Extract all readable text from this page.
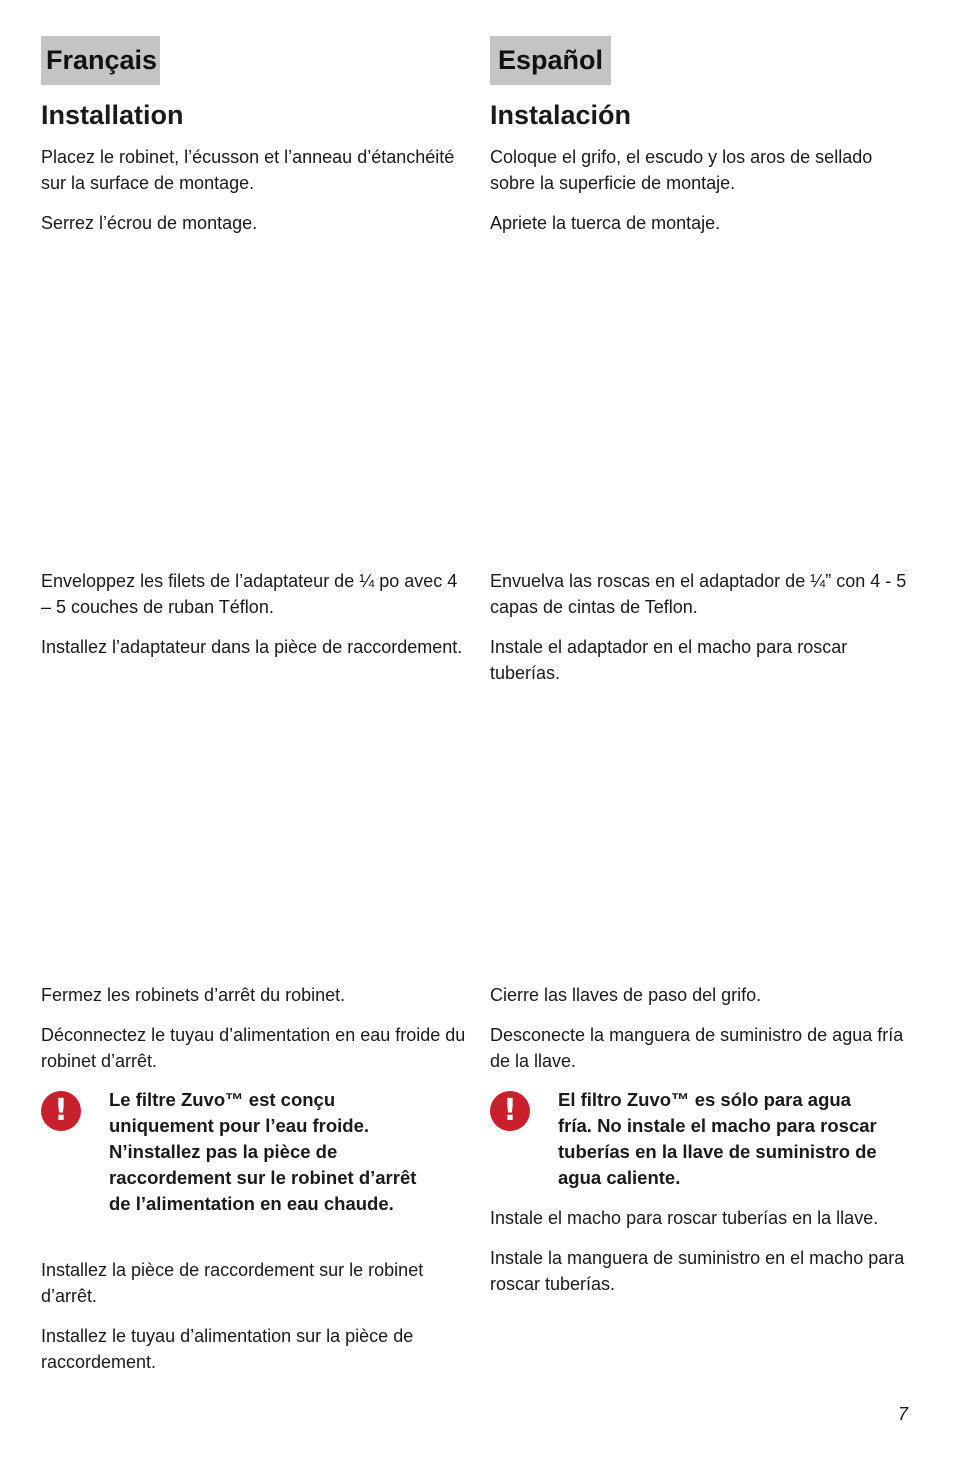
Français
Installation

Placez le robinet, l’écusson et l’anneau d’étanchéité sur la surface de montage.

Serrez l’écrou de montage.

Enveloppez les filets de l’adaptateur de ¼ po avec 4 – 5 couches de ruban Téflon.

Installez l’adaptateur dans la pièce de raccordement.

Fermez les robinets d’arrêt du robinet.

Déconnectez le tuyau d’alimentation en eau froide du robinet d’arrêt.

!	Le filtre Zuvo™ est conçu uniquement pour l’eau froide. N’installez pas la pièce de raccordement sur le robinet d’arrêt de l’alimentation en eau chaude.

Installez la pièce de raccordement sur le robinet d’arrêt.

Installez le tuyau d’alimentation sur la pièce de raccordement.

Español
Instalación

Coloque el grifo, el escudo y los aros de sellado sobre la superficie de montaje.

Apriete la tuerca de montaje.

Envuelva las roscas en el adaptador de ¼” con 4 - 5 capas de cintas de Teflon.

Instale el adaptador en el macho para roscar tuberías.

Cierre las llaves de paso del grifo.

Desconecte la manguera de suministro de agua fría de la llave.

!	El filtro Zuvo™ es sólo para agua fría. No instale el macho para roscar tuberías en la llave de suministro de agua caliente.

Instale el macho para roscar tuberías en la llave.

Instale la manguera de suministro en el macho para roscar tuberías.

7
